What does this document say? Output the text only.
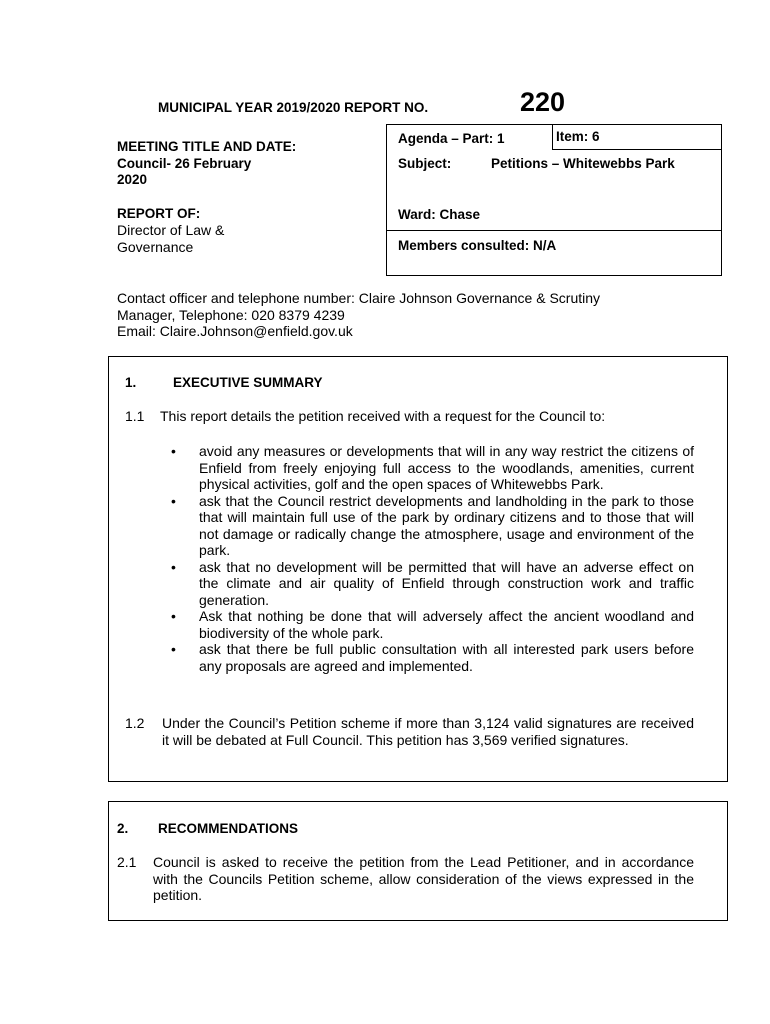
MUNICIPAL YEAR 2019/2020 REPORT NO.	220
MEETING TITLE AND DATE:
Council- 26 February
2020
REPORT OF:
Director of Law &
Governance
Agenda – Part: 1	Item: 6
Subject:	Petitions – Whitewebbs Park
Ward: Chase
Members consulted: N/A
Contact officer and telephone number: Claire Johnson Governance & Scrutiny
Manager, Telephone: 020 8379 4239
Email: Claire.Johnson@enfield.gov.uk
1.	EXECUTIVE SUMMARY
1.1 This report details the petition received with a request for the Council to:
• avoid any measures or developments that will in any way restrict the citizens of Enfield from freely enjoying full access to the woodlands, amenities, current physical activities, golf and the open spaces of Whitewebbs Park.
• ask that the Council restrict developments and landholding in the park to those that will maintain full use of the park by ordinary citizens and to those that will not damage or radically change the atmosphere, usage and environment of the park.
• ask that no development will be permitted that will have an adverse effect on the climate and air quality of Enfield through construction work and traffic generation.
• Ask that nothing be done that will adversely affect the ancient woodland and biodiversity of the whole park.
• ask that there be full public consultation with all interested park users before any proposals are agreed and implemented.
1.2 Under the Council’s Petition scheme if more than 3,124 valid signatures are received it will be debated at Full Council. This petition has 3,569 verified signatures.
2. RECOMMENDATIONS
2.1 Council is asked to receive the petition from the Lead Petitioner, and in accordance with the Councils Petition scheme, allow consideration of the views expressed in the petition.
